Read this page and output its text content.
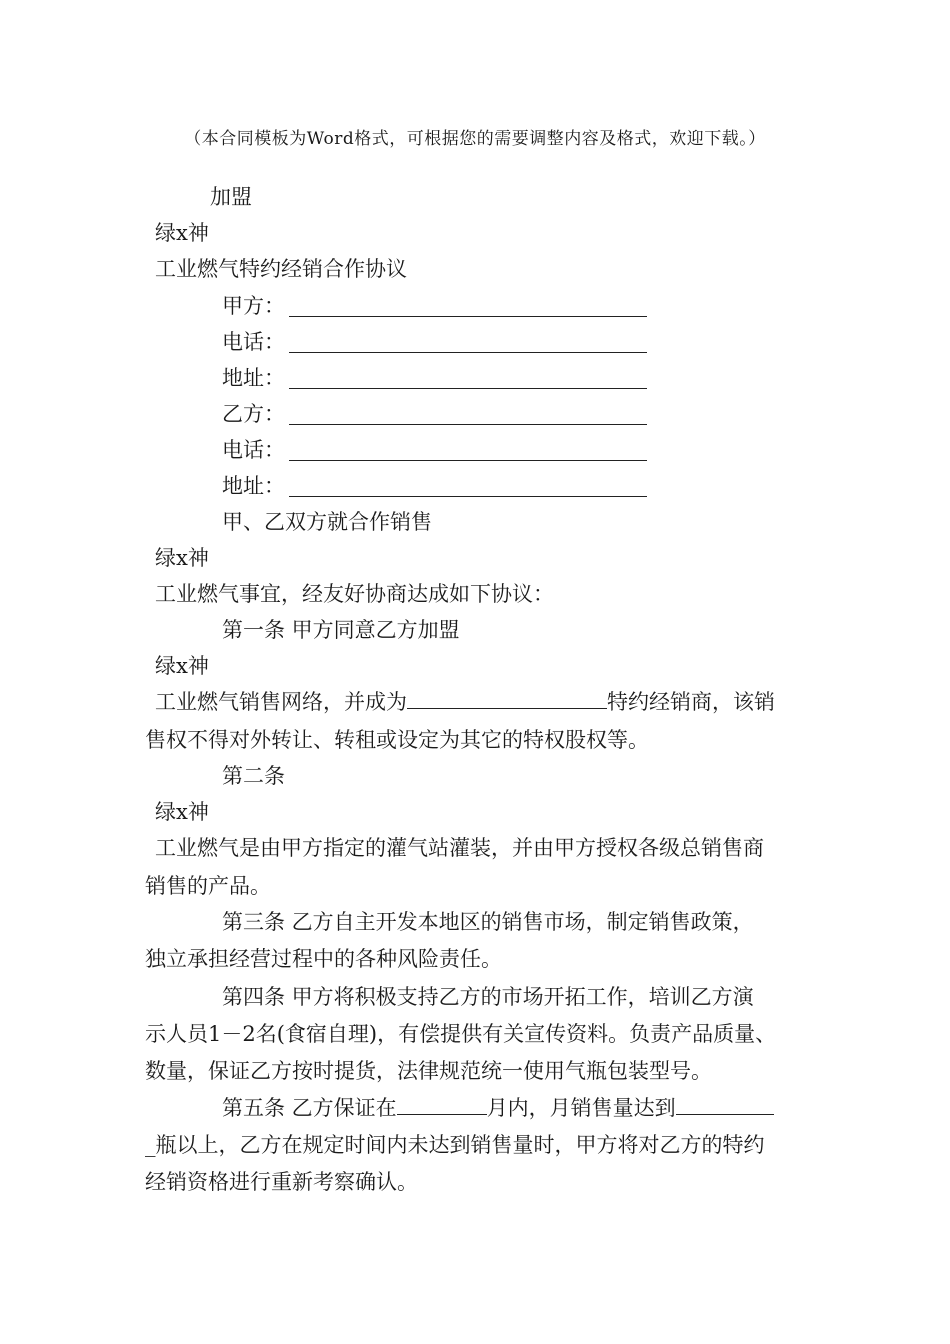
（本合同模板为Word格式，可根据您的需要调整内容及格式，欢迎下载。）
加盟
绿x神
工业燃气特约经销合作协议
甲方：
电话：
地址：
乙方：
电话：
地址：
甲、乙双方就合作销售
绿x神
工业燃气事宜，经友好协商达成如下协议：
第一条 甲方同意乙方加盟
绿x神
工业燃气销售网络，并成为	特约经销商，该销
售权不得对外转让、转租或设定为其它的特权股权等。
第二条
绿x神
工业燃气是由甲方指定的灌气站灌装，并由甲方授权各级总销售商
销售的产品。
第三条 乙方自主开发本地区的销售市场，制定销售政策，
独立承担经营过程中的各种风险责任。
第四条 甲方将积极支持乙方的市场开拓工作，培训乙方演
示人员1－2名(食宿自理)，有偿提供有关宣传资料。负责产品质量、
数量，保证乙方按时提货，法律规范统一使用气瓶包装型号。
第五条 乙方保证在	月内，月销售量达到
_瓶以上，乙方在规定时间内未达到销售量时，甲方将对乙方的特约
经销资格进行重新考察确认。
